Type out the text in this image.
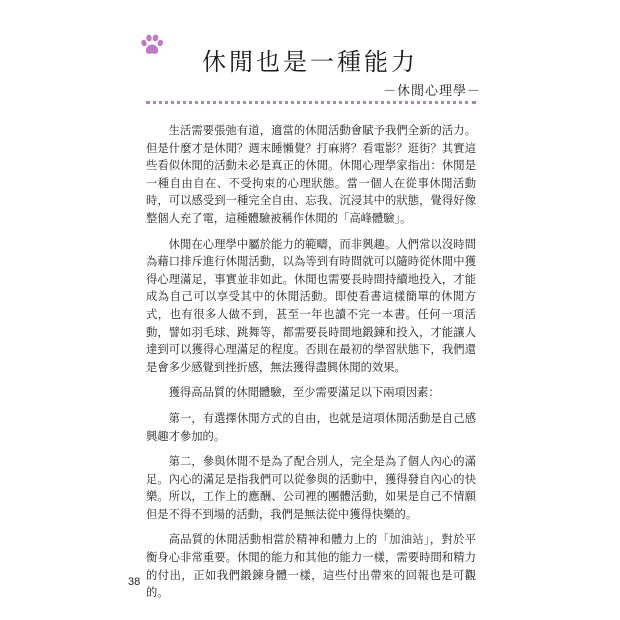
休閒也是一種能力
－休閒心理學－

生活需要張弛有道，適當的休閒活動會賦予我們全新的活力。但是什麼才是休閒？週末睡懶覺？打麻將？看電影？逛街？其實這些看似休閒的活動未必是真正的休閒。休閒心理學家指出：休閒是一種自由自在、不受拘束的心理狀態。當一個人在從事休閒活動時，可以感受到一種完全自由、忘我、沉浸其中的狀態，覺得好像整個人充了電，這種體驗被稱作休閒的「高峰體驗」。

休閒在心理學中屬於能力的範疇，而非興趣。人們常以沒時間為藉口排斥進行休閒活動，以為等到有時間就可以隨時從休閒中獲得心理滿足，事實並非如此。休閒也需要長時間持續地投入，才能成為自己可以享受其中的休閒活動。即使看書這樣簡單的休閒方式，也有很多人做不到，甚至一年也讀不完一本書。任何一項活動，譬如羽毛球、跳舞等，都需要長時間地鍛鍊和投入，才能讓人達到可以獲得心理滿足的程度。否則在最初的學習狀態下，我們還是會多少感覺到挫折感，無法獲得盡興休閒的效果。

獲得高品質的休閒體驗，至少需要滿足以下兩項因素：

第一，有選擇休閒方式的自由，也就是這項休閒活動是自己感興趣才參加的。

第二，參與休閒不是為了配合別人，完全是為了個人內心的滿足。內心的滿足是指我們可以從參與的活動中，獲得發自內心的快樂。所以，工作上的應酬、公司裡的團體活動，如果是自己不情願但是不得不到場的活動，我們是無法從中獲得快樂的。

高品質的休閒活動相當於精神和體力上的「加油站」，對於平衡身心非常重要。休閒的能力和其他的能力一樣，需要時間和精力的付出，正如我們鍛鍊身體一樣，這些付出帶來的回報也是可觀的。

38
